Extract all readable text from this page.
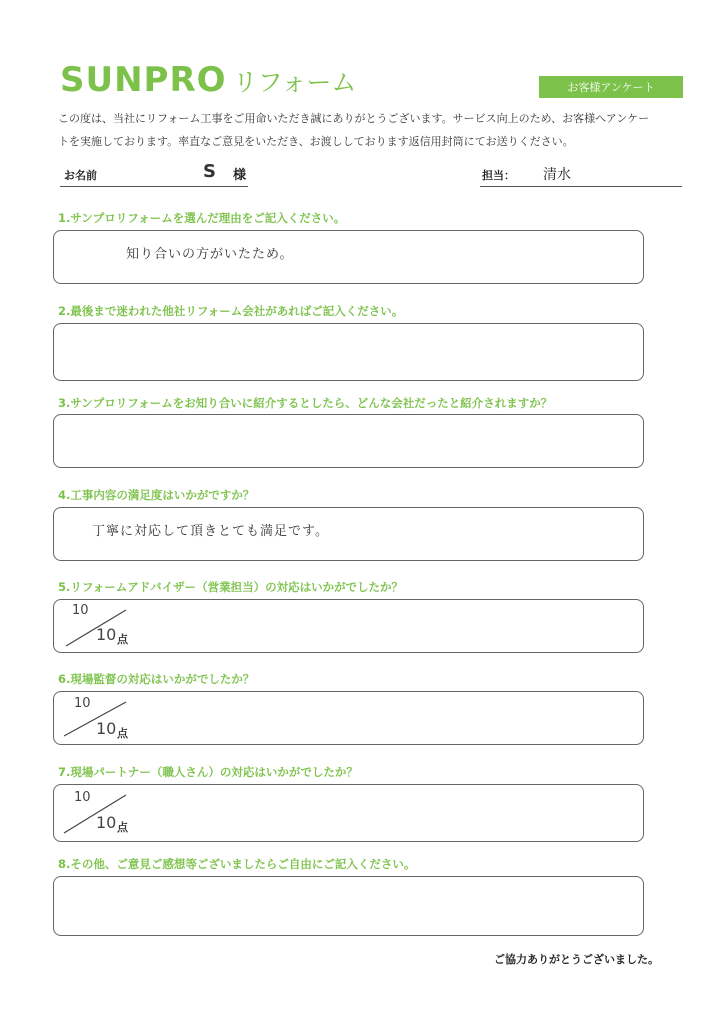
SUNPRO リフォーム	お客様アンケート
この度は、当社にリフォーム工事をご用命いただき誠にありがとうございます。サービス向上のため、お客様へアンケー
トを実施しております。率直なご意見をいただき、お渡ししております返信用封筒にてお送りください。
お名前	S 様	担当： 清水
1.サンプロリフォームを選んだ理由をご記入ください。
知り合いの方がいたため。
2.最後まで迷われた他社リフォーム会社があればご記入ください。
3.サンプロリフォームをお知り合いに紹介するとしたら、どんな会社だったと紹介されますか？
4.工事内容の満足度はいかがですか？
丁寧に対応して頂きとても満足です。
5.リフォームアドバイザー（営業担当）の対応はいかがでしたか？
10
10 点
6.現場監督の対応はいかがでしたか？
10
10 点
7.現場パートナー（職人さん）の対応はいかがでしたか？
10
10 点
8.その他、ご意見ご感想等ございましたらご自由にご記入ください。
ご協力ありがとうございました。
